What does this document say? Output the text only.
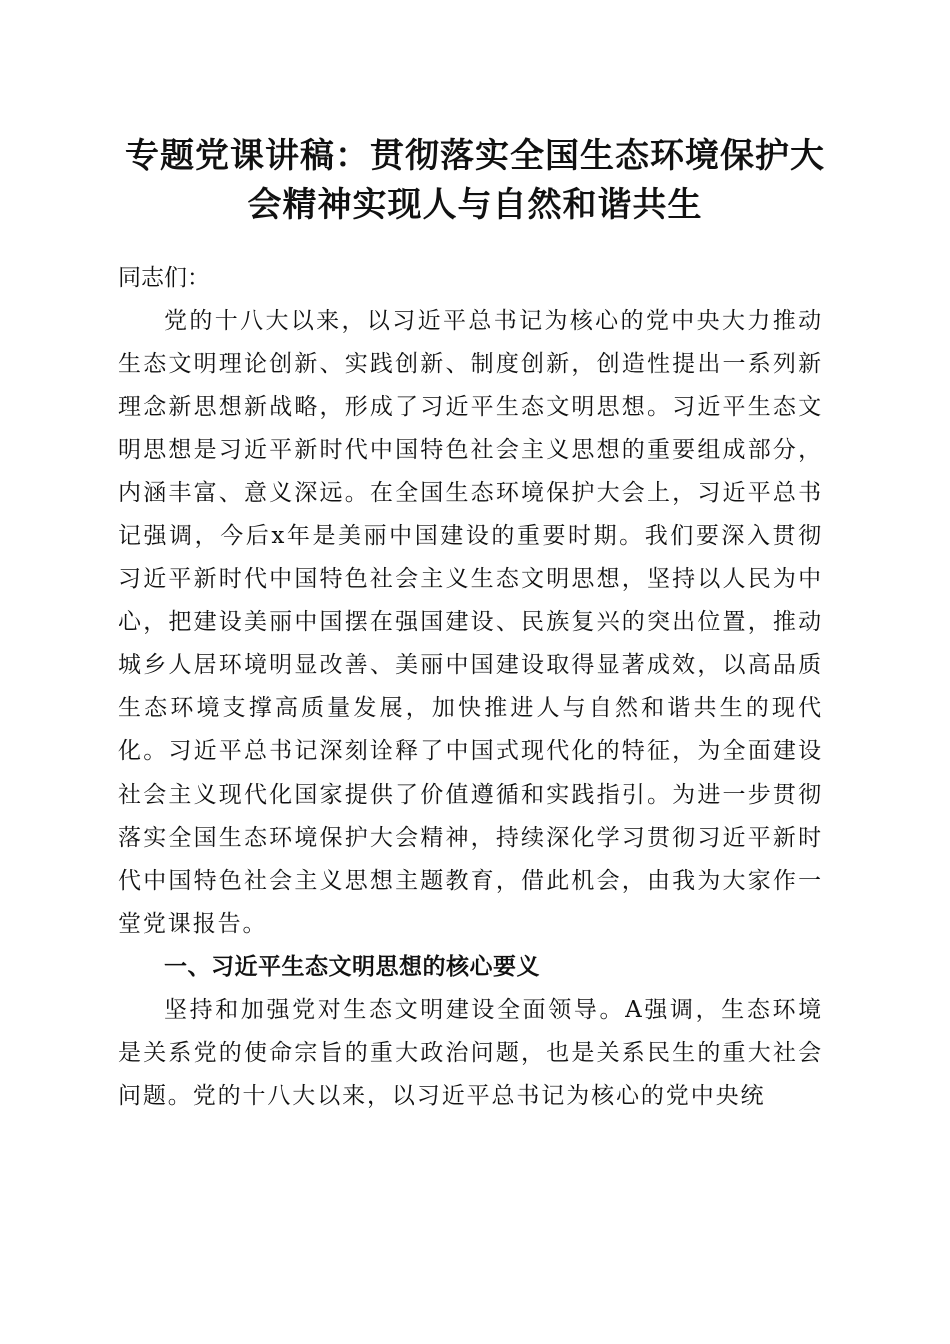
专题党课讲稿：贯彻落实全国生态环境保护大
会精神实现人与自然和谐共生

同志们：

党的十八大以来，以习近平总书记为核心的党中央大力推动生态文明理论创新、实践创新、制度创新，创造性提出一系列新理念新思想新战略，形成了习近平生态文明思想。习近平生态文明思想是习近平新时代中国特色社会主义思想的重要组成部分，内涵丰富、意义深远。在全国生态环境保护大会上，习近平总书记强调，今后x年是美丽中国建设的重要时期。我们要深入贯彻习近平新时代中国特色社会主义生态文明思想，坚持以人民为中心，把建设美丽中国摆在强国建设、民族复兴的突出位置，推动城乡人居环境明显改善、美丽中国建设取得显著成效，以高品质生态环境支撑高质量发展，加快推进人与自然和谐共生的现代化。习近平总书记深刻诠释了中国式现代化的特征，为全面建设社会主义现代化国家提供了价值遵循和实践指引。为进一步贯彻落实全国生态环境保护大会精神，持续深化学习贯彻习近平新时代中国特色社会主义思想主题教育，借此机会，由我为大家作一堂党课报告。

一、习近平生态文明思想的核心要义

坚持和加强党对生态文明建设全面领导。A强调，生态环境是关系党的使命宗旨的重大政治问题，也是关系民生的重大社会问题。党的十八大以来，以习近平总书记为核心的党中央统
